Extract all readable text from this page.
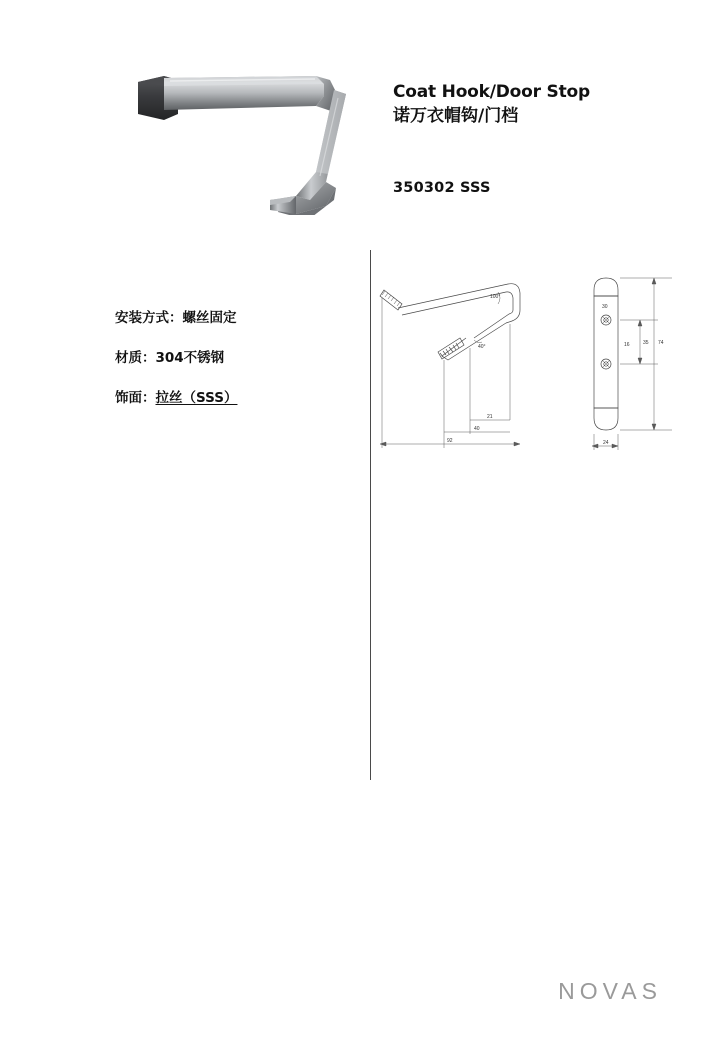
Coat Hook/Door Stop
诺万衣帽钩/门档
350302 SSS
安装方式：螺丝固定
材质：304不锈钢
饰面：拉丝（SSS）
92
40
21
100°
40°
30
16	35 74
24
NOVAS
